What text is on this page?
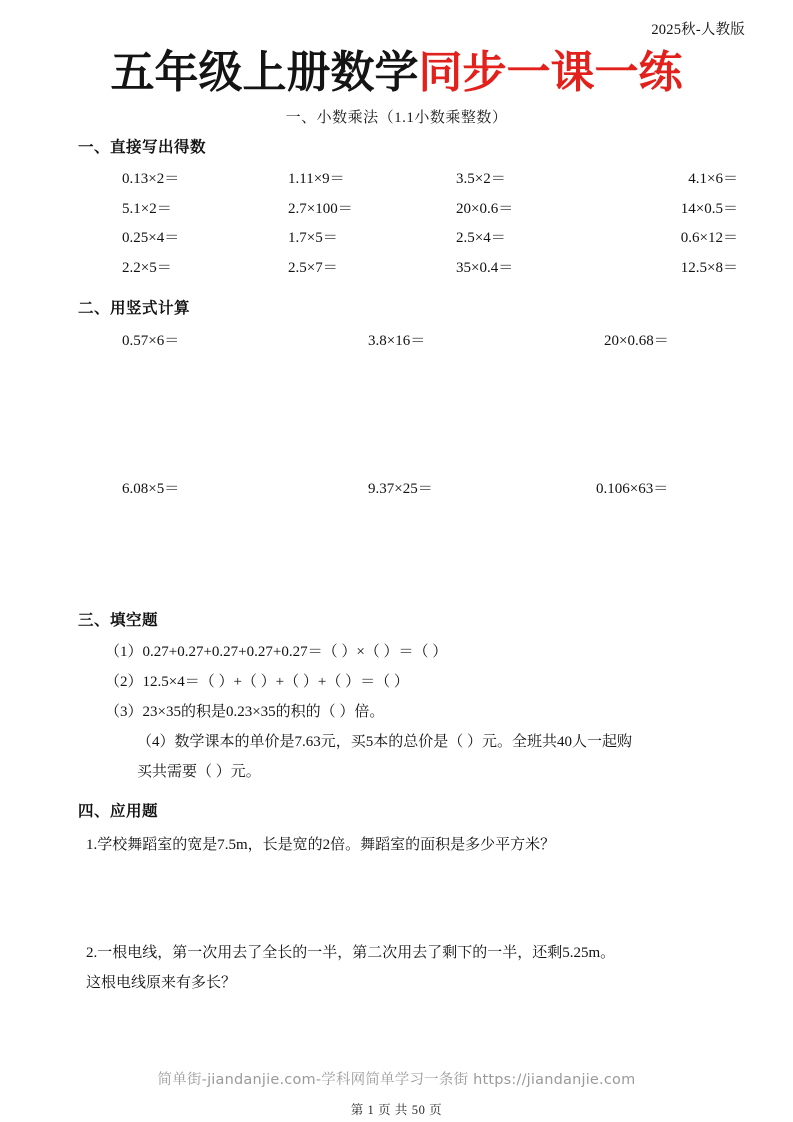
2025秋-人教版
五年级上册数学同步一课一练
一、小数乘法（1.1小数乘整数）
一、直接写出得数
0.13×2＝	1.11×9＝	3.5×2＝	4.1×6＝
5.1×2＝	2.7×100＝	20×0.6＝	14×0.5＝
0.25×4＝	1.7×5＝	2.5×4＝	0.6×12＝
2.2×5＝	2.5×7＝	35×0.4＝	12.5×8＝
二、用竖式计算
0.57×6＝	3.8×16＝	20×0.68＝
6.08×5＝	9.37×25＝	0.106×63＝
三、填空题
（1）0.27+0.27+0.27+0.27+0.27＝（ ）×（ ）＝（ ）
（2）12.5×4＝（ ）+（ ）+（ ）+（ ）＝（ ）
（3）23×35的积是0.23×35的积的（ ）倍。
（4）数学课本的单价是7.63元，买5本的总价是（ ）元。全班共40人一起购
买共需要（ ）元。
四、应用题
1.学校舞蹈室的宽是7.5m，长是宽的2倍。舞蹈室的面积是多少平方米？
2.一根电线，第一次用去了全长的一半，第二次用去了剩下的一半，还剩5.25m。
这根电线原来有多长？
简单街-jiandanjie.com-学科网简单学习一条街 https://jiandanjie.com
第 1 页 共 50 页
